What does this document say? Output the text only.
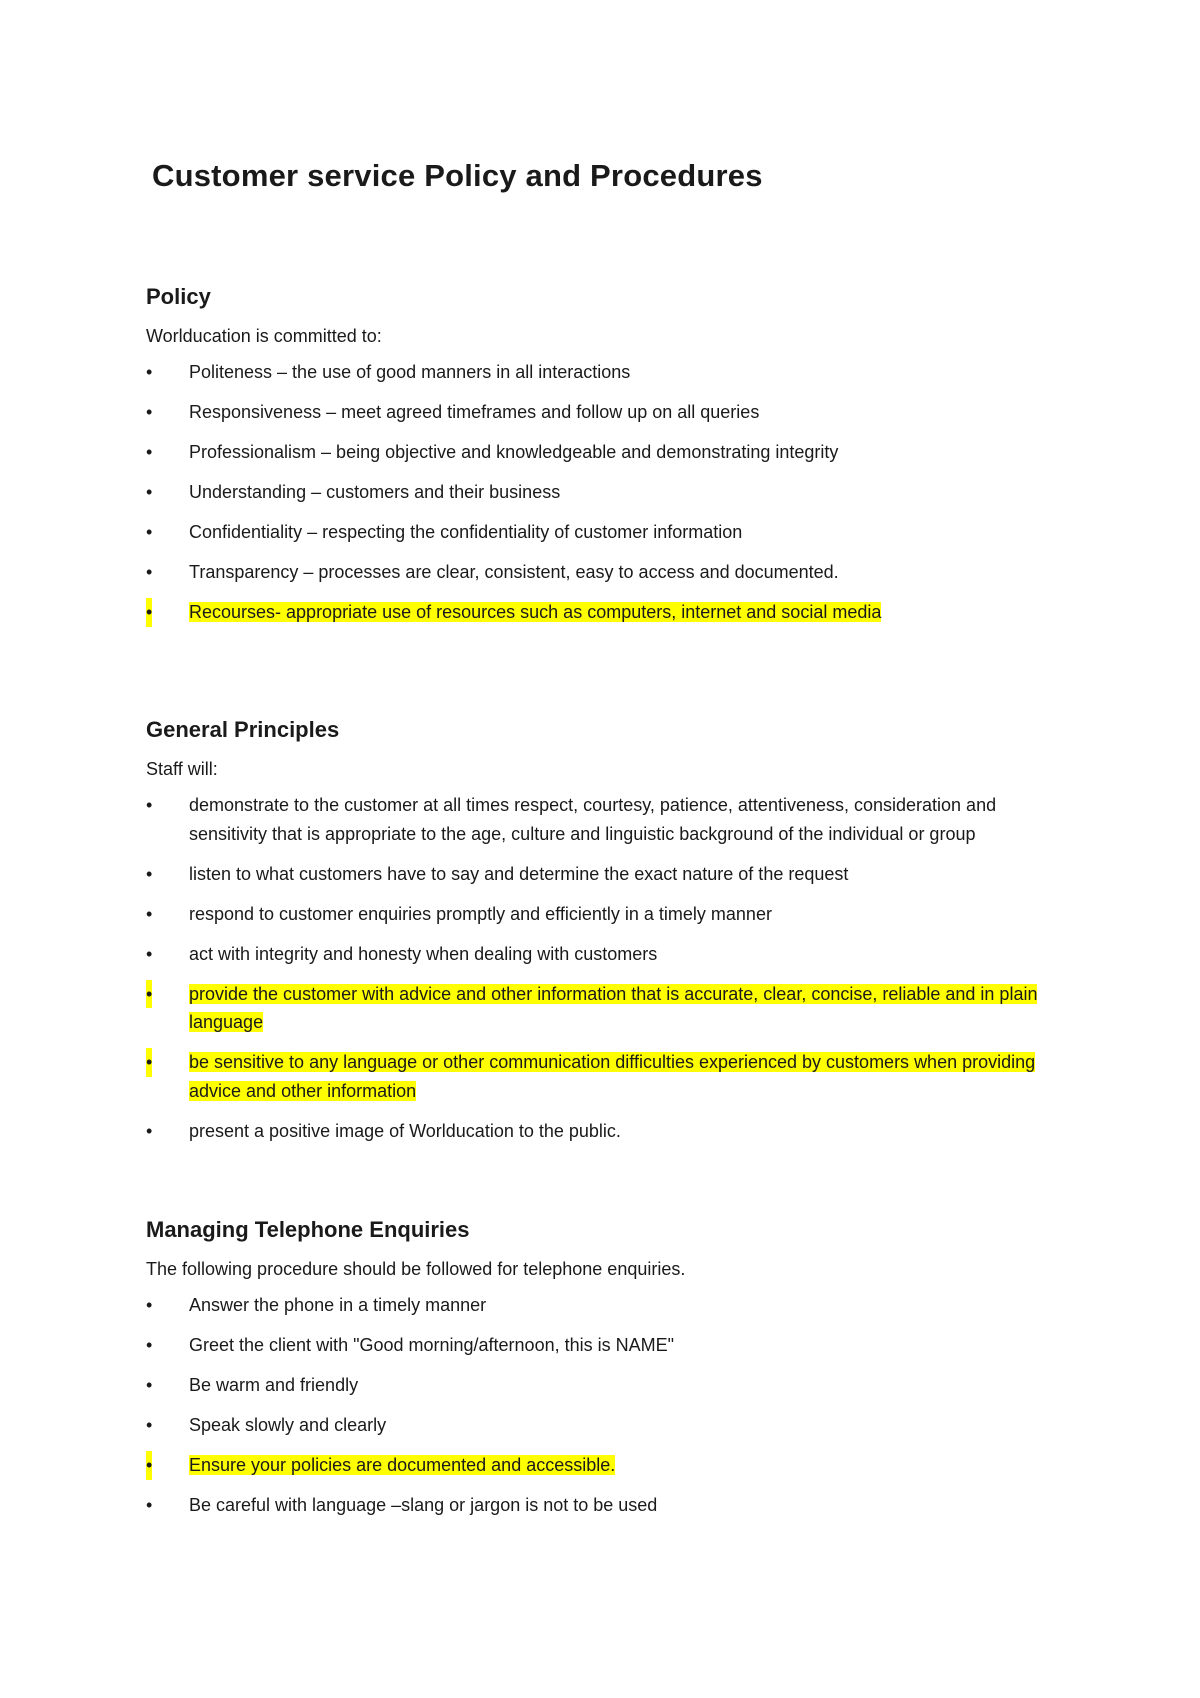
Customer service Policy and Procedures
Policy

Worlducation is committed to:

• Politeness – the use of good manners in all interactions
• Responsiveness – meet agreed timeframes and follow up on all queries
• Professionalism – being objective and knowledgeable and demonstrating integrity
• Understanding – customers and their business
• Confidentiality – respecting the confidentiality of customer information
• Transparency – processes are clear, consistent, easy to access and documented.
• Recourses- appropriate use of resources such as computers, internet and social media
General Principles

Staff will:

• demonstrate to the customer at all times respect, courtesy, patience, attentiveness, consideration and sensitivity that is appropriate to the age, culture and linguistic background of the individual or group
• listen to what customers have to say and determine the exact nature of the request
• respond to customer enquiries promptly and efficiently in a timely manner
• act with integrity and honesty when dealing with customers
• provide the customer with advice and other information that is accurate, clear, concise, reliable and in plain language
• be sensitive to any language or other communication difficulties experienced by customers when providing advice and other information
• present a positive image of Worlducation to the public.
Managing Telephone Enquiries

The following procedure should be followed for telephone enquiries.

• Answer the phone in a timely manner
• Greet the client with "Good morning/afternoon, this is NAME"
• Be warm and friendly
• Speak slowly and clearly
• Ensure your policies are documented and accessible.
• Be careful with language –slang or jargon is not to be used
